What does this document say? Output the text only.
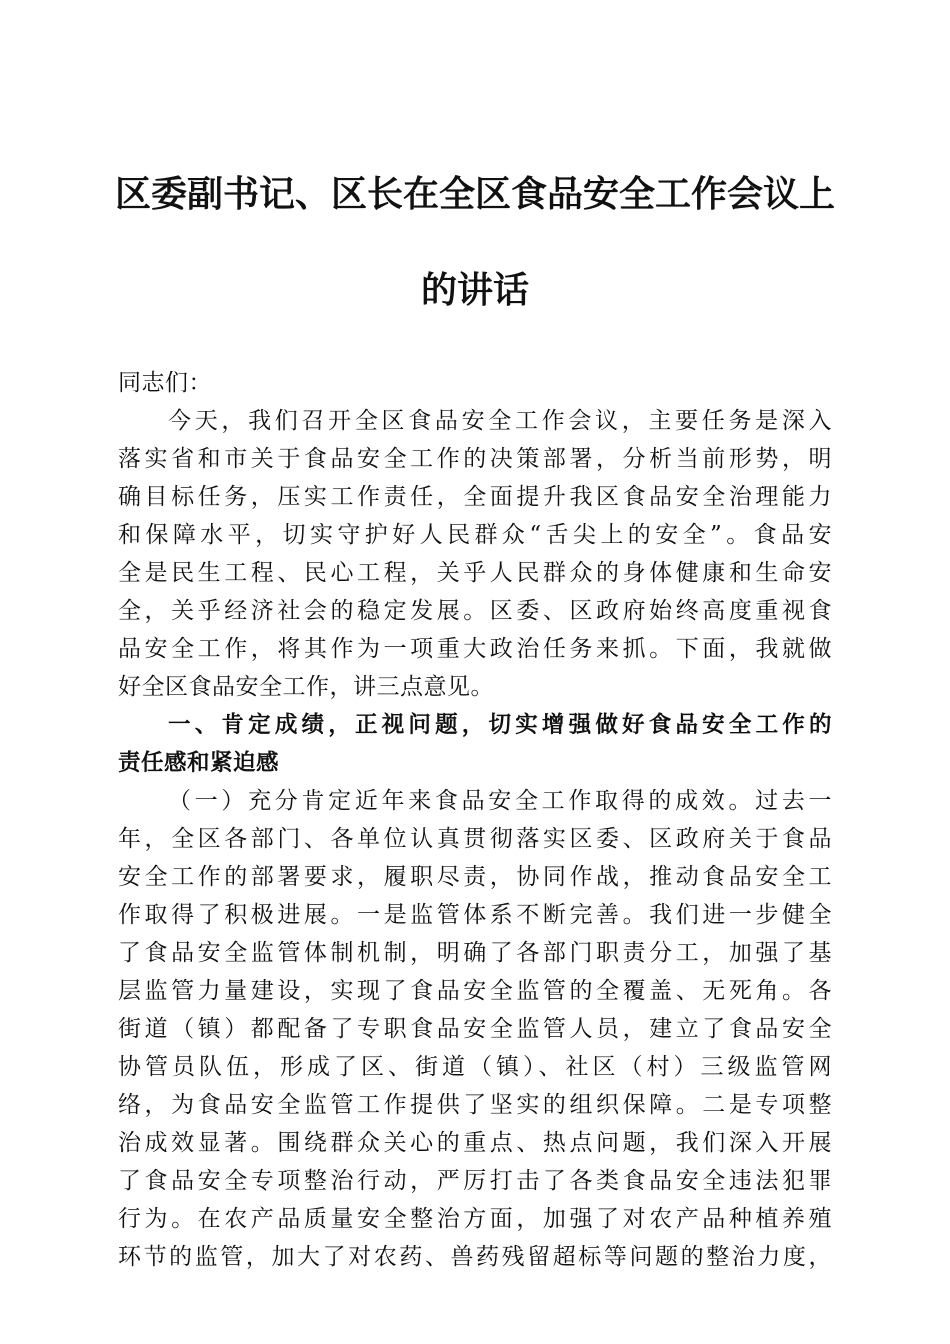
区委副书记、区长在全区食品安全工作会议上
的讲话
同志们：
今天，我们召开全区食品安全工作会议，主要任务是深入
落实省和市关于食品安全工作的决策部署，分析当前形势，明
确目标任务，压实工作责任，全面提升我区食品安全治理能力
和保障水平，切实守护好人民群众“舌尖上的安全”。食品安
全是民生工程、民心工程，关乎人民群众的身体健康和生命安
全，关乎经济社会的稳定发展。区委、区政府始终高度重视食
品安全工作，将其作为一项重大政治任务来抓。下面，我就做
好全区食品安全工作，讲三点意见。
一、肯定成绩，正视问题，切实增强做好食品安全工作的
责任感和紧迫感
（一）充分肯定近年来食品安全工作取得的成效。过去一
年，全区各部门、各单位认真贯彻落实区委、区政府关于食品
安全工作的部署要求，履职尽责，协同作战，推动食品安全工
作取得了积极进展。一是监管体系不断完善。我们进一步健全
了食品安全监管体制机制，明确了各部门职责分工，加强了基
层监管力量建设，实现了食品安全监管的全覆盖、无死角。各
街道（镇）都配备了专职食品安全监管人员，建立了食品安全
协管员队伍，形成了区、街道（镇）、社区（村）三级监管网
络，为食品安全监管工作提供了坚实的组织保障。二是专项整
治成效显著。围绕群众关心的重点、热点问题，我们深入开展
了食品安全专项整治行动，严厉打击了各类食品安全违法犯罪
行为。在农产品质量安全整治方面，加强了对农产品种植养殖
环节的监管，加大了对农药、兽药残留超标等问题的整治力度，
